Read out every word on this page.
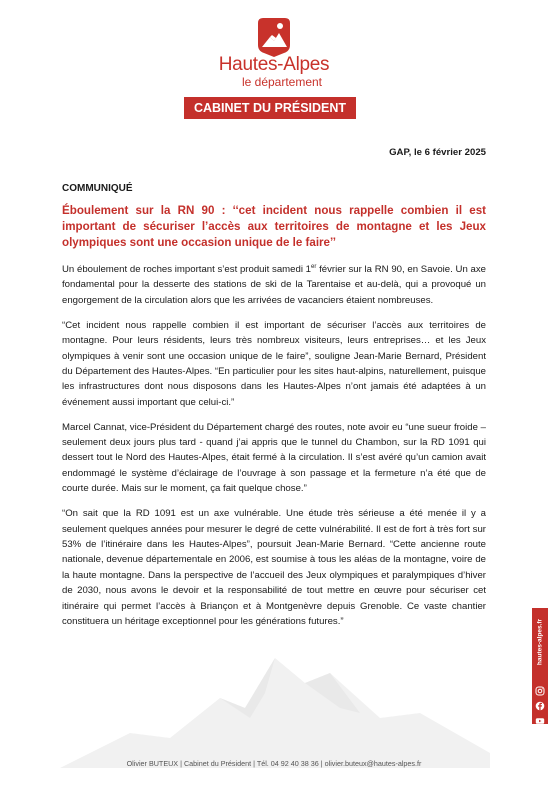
Hautes-Alpes
le département
CABINET DU PRÉSIDENT
GAP, le 6 février 2025
COMMUNIQUÉ
Éboulement sur la RN 90 : ‘‘cet incident nous rappelle combien il est important de sécuriser l’accès aux territoires de montagne et les Jeux olympiques sont une occasion unique de le faire’’

Un éboulement de roches important s’est produit samedi 1er février sur la RN 90, en Savoie. Un axe fondamental pour la desserte des stations de ski de la Tarentaise et au-delà, qui a provoqué un engorgement de la circulation alors que les arrivées de vacanciers étaient nombreuses.

“Cet incident nous rappelle combien il est important de sécuriser l’accès aux territoires de montagne. Pour leurs résidents, leurs très nombreux visiteurs, leurs entreprises… et les Jeux olympiques à venir sont une occasion unique de le faire”, souligne Jean-Marie Bernard, Président du Département des Hautes-Alpes. “En particulier pour les sites haut-alpins, naturellement, puisque les infrastructures dont nous disposons dans les Hautes-Alpes n’ont jamais été adaptées à un événement aussi important que celui-ci.”

Marcel Cannat, vice-Président du Département chargé des routes, note avoir eu “une sueur froide – seulement deux jours plus tard - quand j’ai appris que le tunnel du Chambon, sur la RD 1091 qui dessert tout le Nord des Hautes-Alpes, était fermé à la circulation. Il s’est avéré qu’un camion avait endommagé le système d’éclairage de l’ouvrage à son passage et la fermeture n’a été que de courte durée. Mais sur le moment, ça fait quelque chose.”

“On sait que la RD 1091 est un axe vulnérable. Une étude très sérieuse a été menée il y a seulement quelques années pour mesurer le degré de cette vulnérabilité. Il est de fort à très fort sur 53% de l’itinéraire dans les Hautes-Alpes”, poursuit Jean-Marie Bernard. “Cette ancienne route nationale, devenue départementale en 2006, est soumise à tous les aléas de la montagne, voire de la haute montagne. Dans la perspective de l’accueil des Jeux olympiques et paralympiques d’hiver de 2030, nous avons le devoir et la responsabilité de tout mettre en œuvre pour sécuriser cet itinéraire qui permet l’accès à Briançon et à Montgenèvre depuis Grenoble. Ce vaste chantier constituera un héritage exceptionnel pour les générations futures.”

Olivier BUTEUX | Cabinet du Président | Tél. 04 92 40 38 36 | olivier.buteux@hautes-alpes.fr
hautes-alpes.fr
